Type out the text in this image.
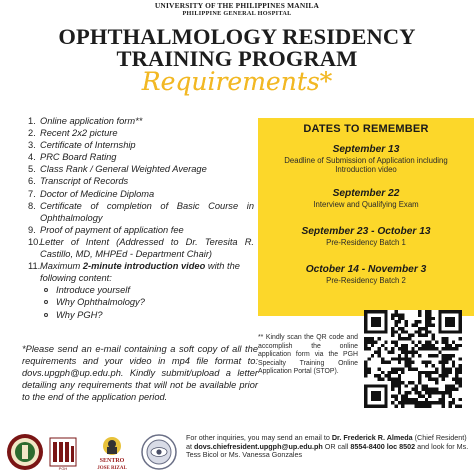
UNIVERSITY OF THE PHILIPPINES MANILA
PHILIPPINE GENERAL HOSPITAL
OPHTHALMOLOGY RESIDENCY
TRAINING PROGRAM
Requirements*
1. Online application form**
2. Recent 2x2 picture
3. Certificate of Internship
4. PRC Board Rating
5. Class Rank / General Weighted Average
6. Transcript of Records
7. Doctor of Medicine Diploma
8. Certificate of completion of Basic Course in Ophthalmology
9. Proof of payment of application fee
10. Letter of Intent (Addressed to Dr. Teresita R. Castillo, MD, MHPEd - Department Chair)
11. Maximum 2-minute introduction video with the following content:
Introduce yourself
Why Ophthalmology?
Why PGH?
*Please send an e-mail containing a soft copy of all the requirements and your video in mp4 file format to: dovs.upgph@up.edu.ph. Kindly submit/upload a letter detailing any requirements that will not be available prior to the end of the application period.
DATES TO REMEMBER
September 13
Deadline of Submission of Application including Introduction video
September 22
Interview and Qualifying Exam
September 23 - October 13
Pre-Residency Batch 1
October 14 - November 3
Pre-Residency Batch 2
** Kindly scan the QR code and accomplish the online application form via the PGH Specialty Training Online Application Portal (STOP).
PGH
SENTRO
JOSE RIZAL
For other inquiries, you may send an email to Dr. Frederick R. Almeda (Chief Resident) at dovs.chiefresident.upgph@up.edu.ph OR call 8554-8400 loc 8502 and look for Ms. Tess Bicol or Ms. Vanessa Gonzales
